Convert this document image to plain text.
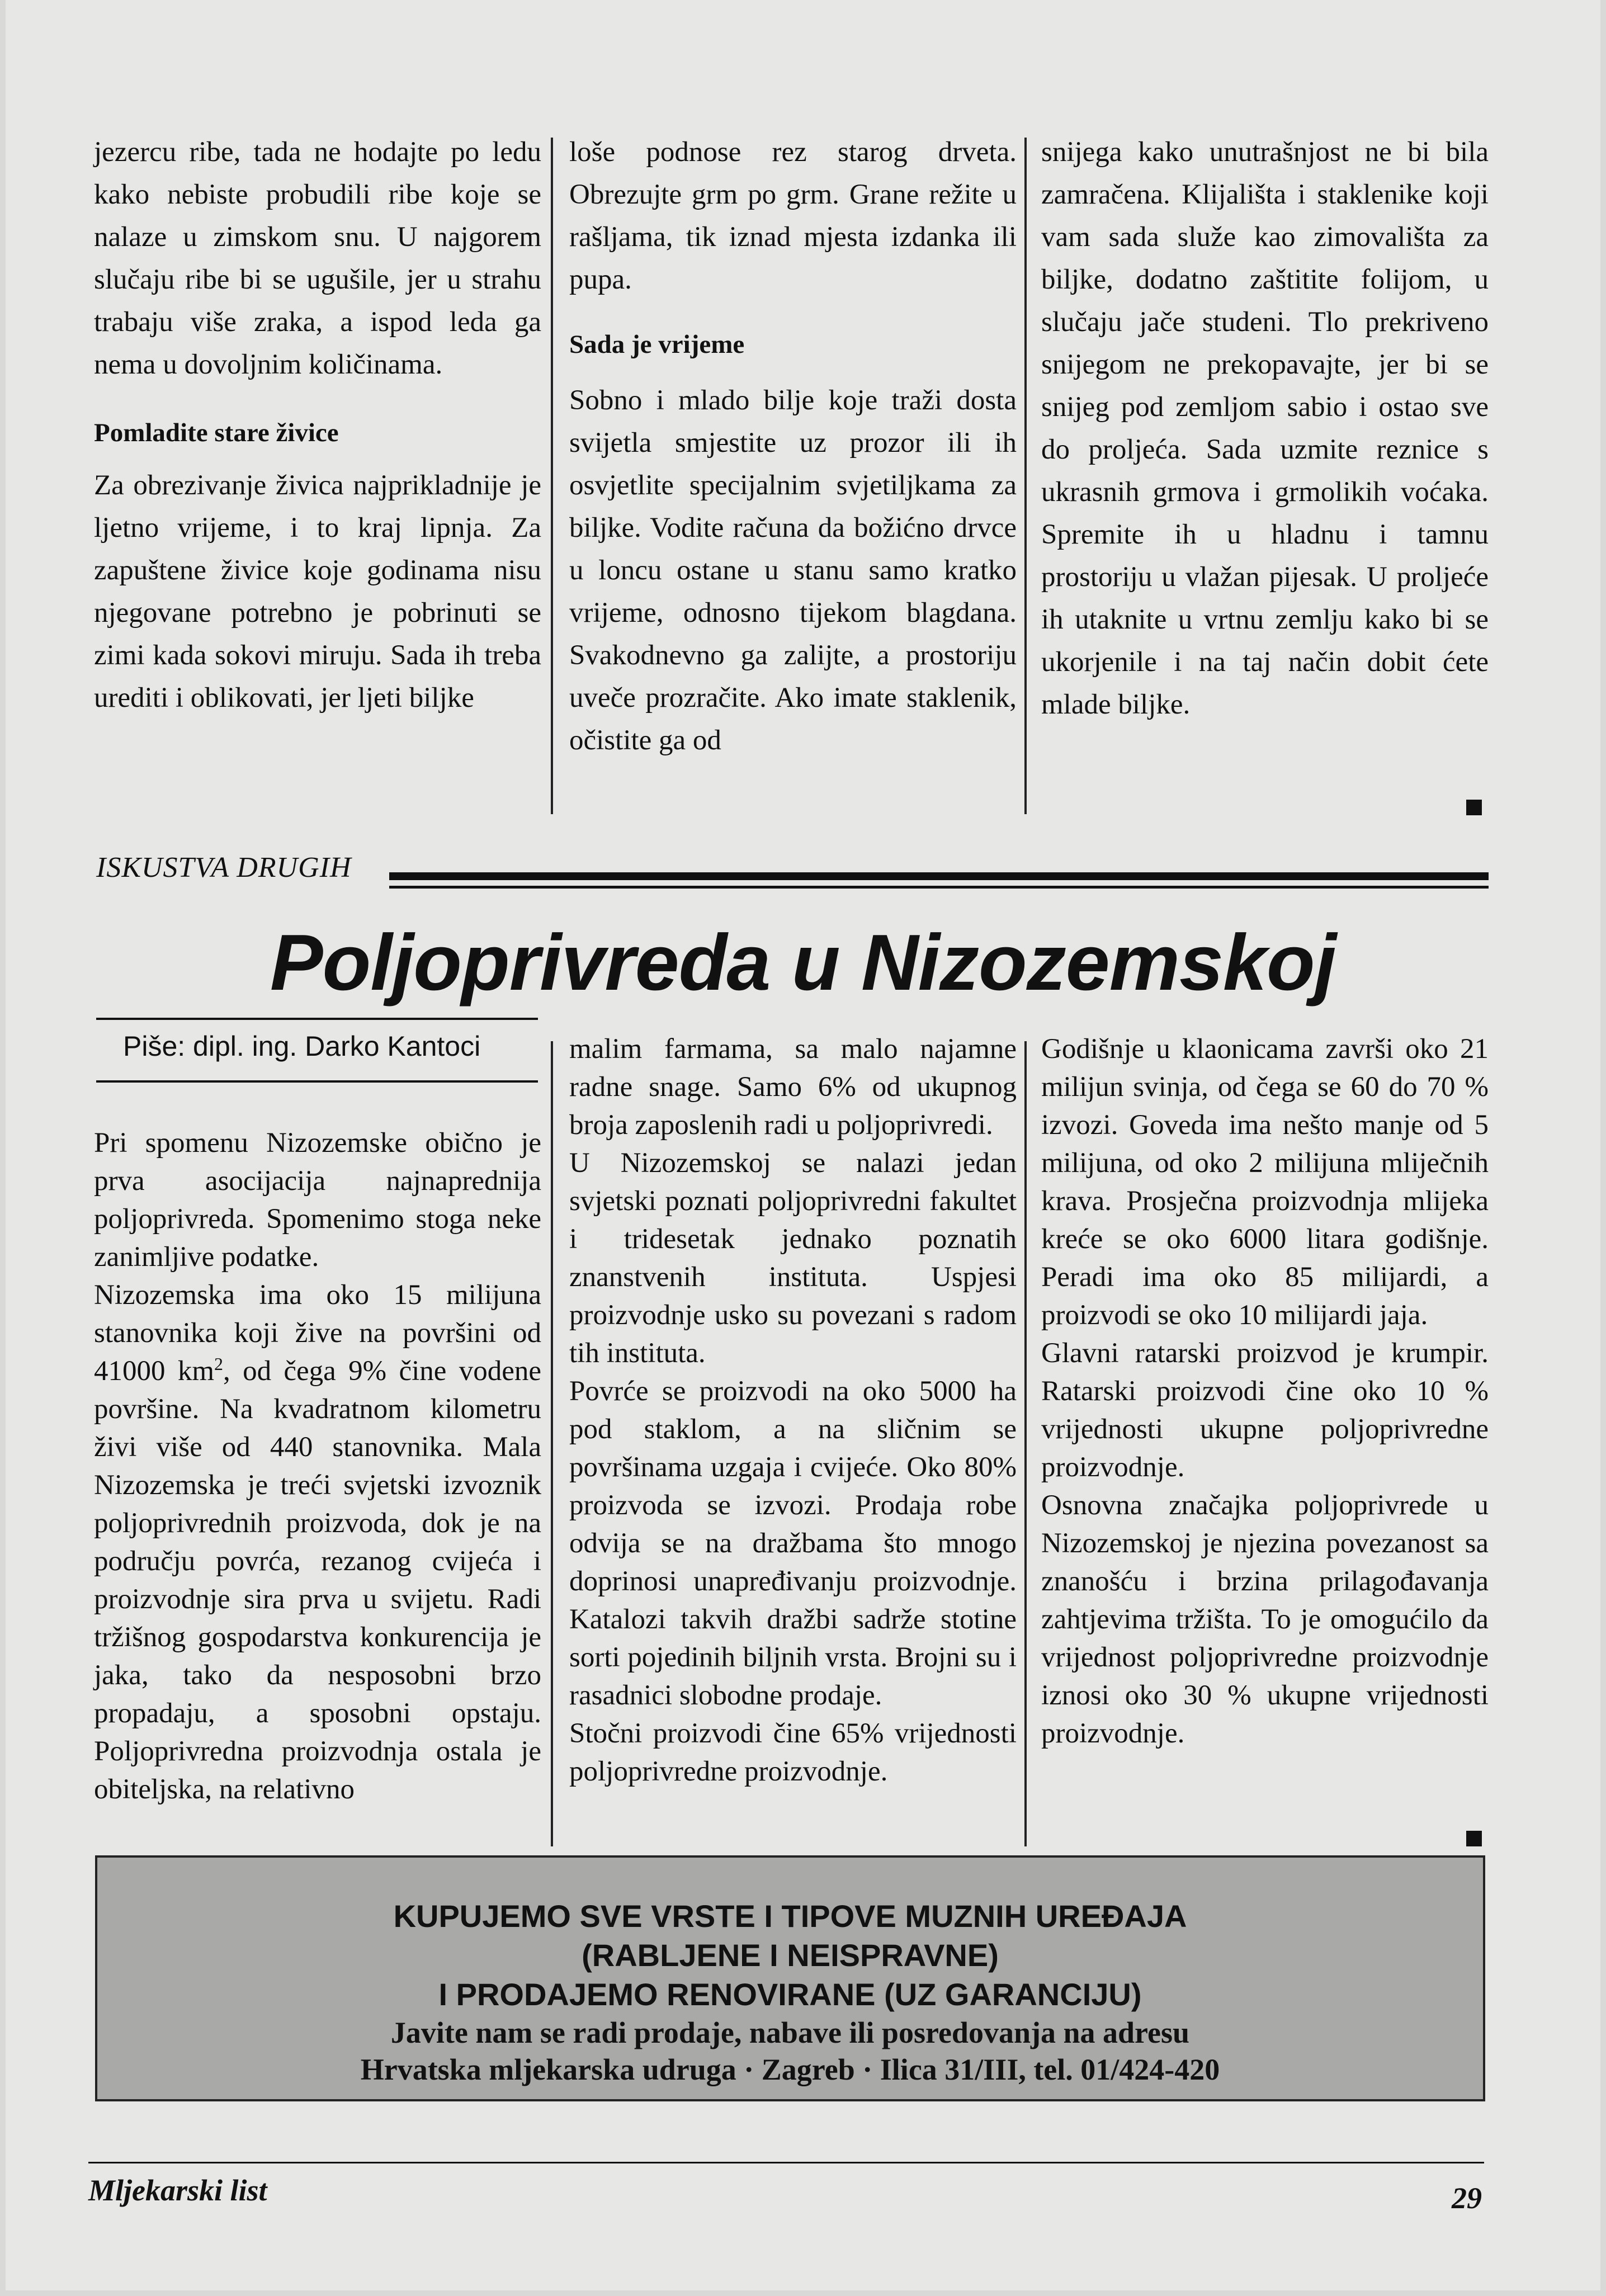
jezercu ribe, tada ne hodajte po ledu kako nebiste probudili ribe koje se nalaze u zimskom snu. U najgorem slučaju ribe bi se ugušile, jer u strahu trabaju više zraka, a ispod leda ga nema u dovoljnim količinama.

Pomladite stare živice

Za obrezivanje živica najprikladnije je ljetno vrijeme, i to kraj lipnja. Za zapuštene živice koje godinama nisu njegovane potrebno je pobrinuti se zimi kada sokovi miruju. Sada ih treba urediti i oblikovati, jer ljeti biljke

loše podnose rez starog drveta. Obrezujte grm po grm. Grane režite u rašljama, tik iznad mjesta izdanka ili pupa.

Sada je vrijeme

Sobno i mlado bilje koje traži dosta svijetla smjestite uz prozor ili ih osvjetlite specijalnim svjetiljkama za biljke. Vodite računa da božićno drvce u loncu ostane u stanu samo kratko vrijeme, odnosno tijekom blagdana. Svakodnevno ga zalijte, a prostoriju uveče prozračite. Ako imate staklenik, očistite ga od

snijega kako unutrašnjost ne bi bila zamračena. Klijališta i staklenike koji vam sada služe kao zimovališta za biljke, dodatno zaštitite folijom, u slučaju jače studeni. Tlo prekriveno snijegom ne prekopavajte, jer bi se snijeg pod zemljom sabio i ostao sve do proljeća. Sada uzmite reznice s ukrasnih grmova i grmolikih voćaka. Spremite ih u hladnu i tamnu prostoriju u vlažan pijesak. U proljeće ih utaknite u vrtnu zemlju kako bi se ukorjenile i na taj način dobit ćete mlade biljke.

ISKUSTVA DRUGIH
Poljoprivreda u Nizozemskoj
Piše: dipl. ing. Darko Kantoci

Pri spomenu Nizozemske obično je prva asocijacija najnaprednija poljoprivreda. Spomenimo stoga neke zanimljive podatke.

Nizozemska ima oko 15 milijuna stanovnika koji žive na površini od 41000 $km^2$, od čega 9% čine vodene površine. Na kvadratnom kilometru živi više od 440 stanovnika. Mala Nizozemska je treći svjetski izvoznik poljoprivrednih proizvoda, dok je na području povrća, rezanog cvijeća i proizvodnje sira prva u svijetu. Radi tržišnog gospodarstva konkurencija je jaka, tako da nesposobni brzo propadaju, a sposobni opstaju. Poljoprivredna proizvodnja ostala je obiteljska, na relativno

malim farmama, sa malo najamne radne snage. Samo 6% od ukupnog broja zaposlenih radi u poljoprivredi.

U Nizozemskoj se nalazi jedan svjetski poznati poljoprivredni fakultet i tridesetak jednako poznatih znanstvenih instituta. Uspjesi proizvodnje usko su povezani s radom tih instituta.

Povrće se proizvodi na oko 5000 ha pod staklom, a na sličnim se površinama uzgaja i cvijeće. Oko 80% proizvoda se izvozi. Prodaja robe odvija se na dražbama što mnogo doprinosi unapređivanju proizvodnje. Katalozi takvih dražbi sadrže stotine sorti pojedinih biljnih vrsta. Brojni su i rasadnici slobodne prodaje.

Stočni proizvodi čine 65% vrijednosti poljoprivredne proizvodnje.

Godišnje u klaonicama završi oko 21 milijun svinja, od čega se 60 do 70 % izvozi. Goveda ima nešto manje od 5 milijuna, od oko 2 milijuna mliječnih krava. Prosječna proizvodnja mlijeka kreće se oko 6000 litara godišnje. Peradi ima oko 85 milijardi, a proizvodi se oko 10 milijardi jaja.

Glavni ratarski proizvod je krumpir. Ratarski proizvodi čine oko 10 % vrijednosti ukupne poljoprivredne proizvodnje.

Osnovna značajka poljoprivrede u Nizozemskoj je njezina povezanost sa znanošću i brzina prilagođavanja zahtjevima tržišta. To je omogućilo da vrijednost poljoprivredne proizvodnje iznosi oko 30 % ukupne vrijednosti proizvodnje.

KUPUJEMO SVE VRSTE I TIPOVE MUZNIH UREĐAJA
(RABLJENE I NEISPRAVNE)
I PRODAJEMO RENOVIRANE (UZ GARANCIJU)
Javite nam se radi prodaje, nabave ili posredovanja na adresu
Hrvatska mljekarska udruga · Zagreb · Ilica 31/III, tel. 01/424-420
Mljekarski list	29
